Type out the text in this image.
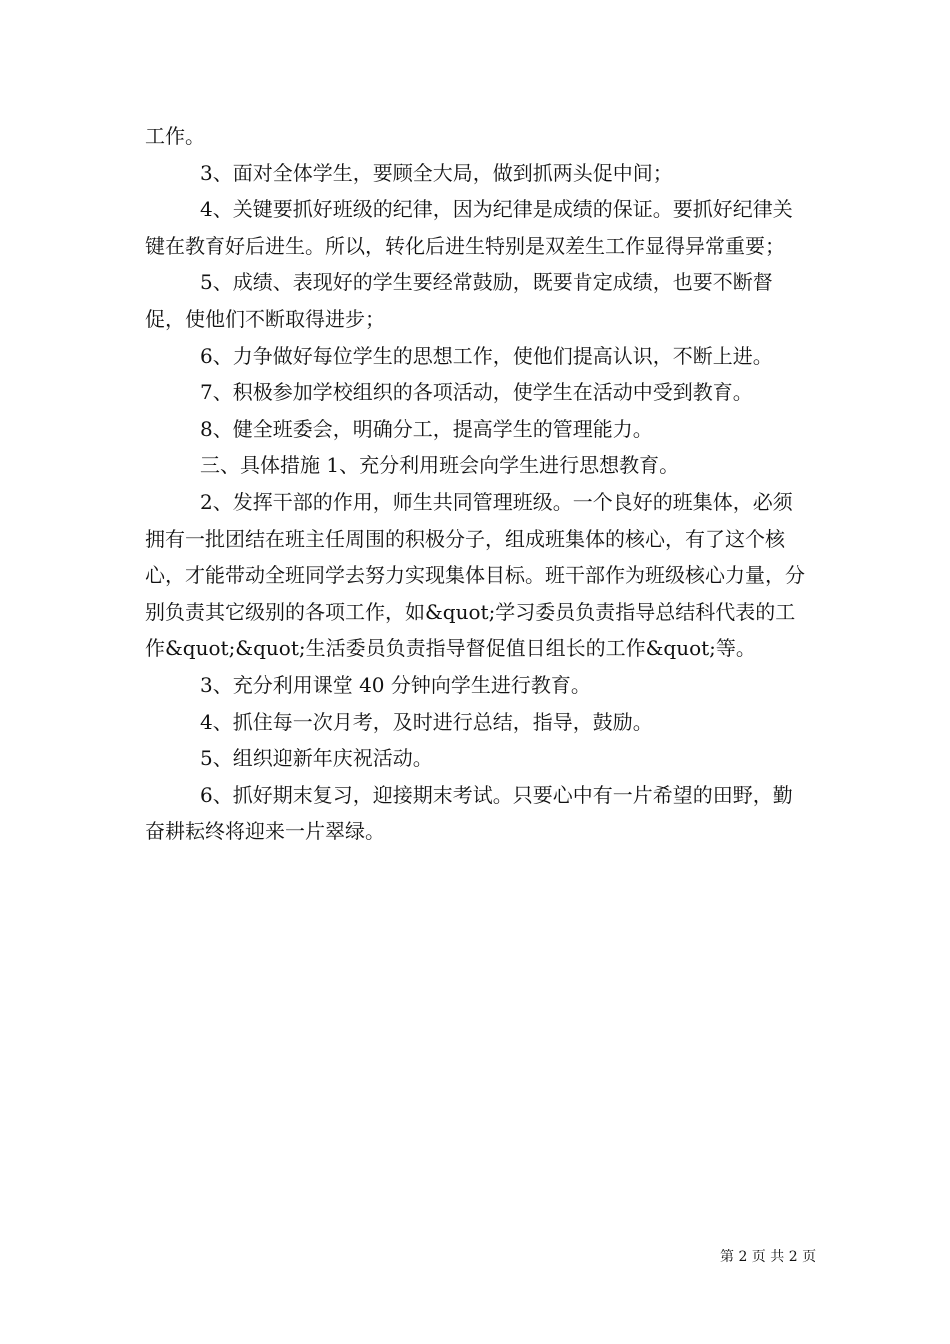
工作。

3、面对全体学生，要顾全大局，做到抓两头促中间；

4、关键要抓好班级的纪律，因为纪律是成绩的保证。要抓好纪律关键在教育好后进生。所以，转化后进生特别是双差生工作显得异常重要；

5、成绩、表现好的学生要经常鼓励，既要肯定成绩，也要不断督促，使他们不断取得进步；

6、力争做好每位学生的思想工作，使他们提高认识，不断上进。

7、积极参加学校组织的各项活动，使学生在活动中受到教育。

8、健全班委会，明确分工，提高学生的管理能力。

三、具体措施 1、充分利用班会向学生进行思想教育。

2、发挥干部的作用，师生共同管理班级。一个良好的班集体，必须拥有一批团结在班主任周围的积极分子，组成班集体的核心，有了这个核心，才能带动全班同学去努力实现集体目标。班干部作为班级核心力量，分别负责其它级别的各项工作，如&quot;学习委员负责指导总结科代表的工作&quot;&quot;生活委员负责指导督促值日组长的工作&quot;等。

3、充分利用课堂 40 分钟向学生进行教育。

4、抓住每一次月考，及时进行总结，指导，鼓励。

5、组织迎新年庆祝活动。

6、抓好期末复习，迎接期末考试。只要心中有一片希望的田野，勤奋耕耘终将迎来一片翠绿。

第 2 页 共 2 页
